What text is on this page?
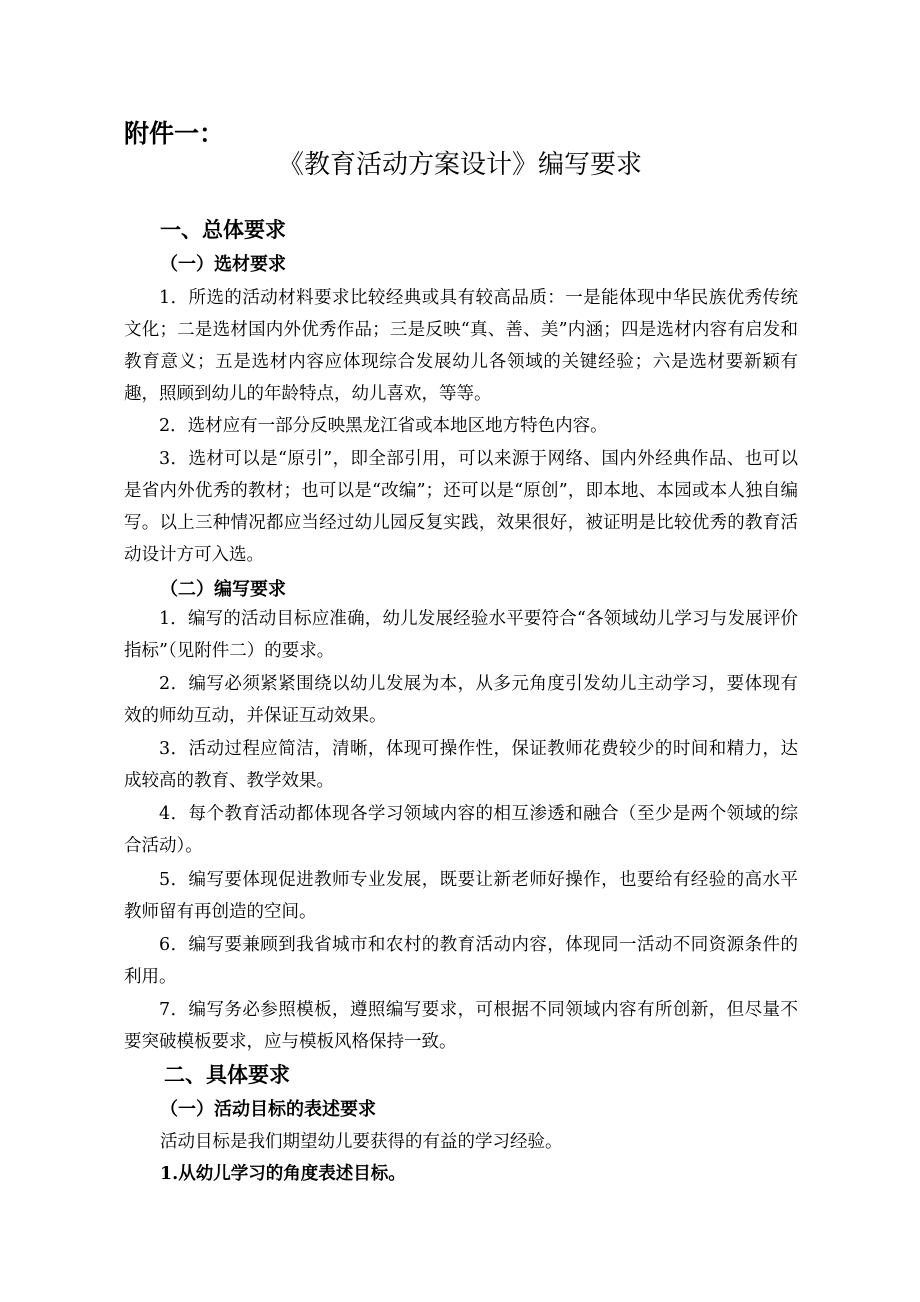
附件一：
《教育活动方案设计》编写要求
一、总体要求
（一）选材要求

1．所选的活动材料要求比较经典或具有较高品质：一是能体现中华民族优秀传统文化；二是选材国内外优秀作品；三是反映“真、善、美”内涵；四是选材内容有启发和教育意义；五是选材内容应体现综合发展幼儿各领域的关键经验；六是选材要新颖有趣，照顾到幼儿的年龄特点，幼儿喜欢，等等。

2．选材应有一部分反映黑龙江省或本地区地方特色内容。

3．选材可以是“原引”，即全部引用，可以来源于网络、国内外经典作品、也可以是省内外优秀的教材；也可以是“改编”；还可以是“原创”，即本地、本园或本人独自编写。以上三种情况都应当经过幼儿园反复实践，效果很好，被证明是比较优秀的教育活动设计方可入选。

（二）编写要求

1．编写的活动目标应准确，幼儿发展经验水平要符合“各领域幼儿学习与发展评价指标”（见附件二）的要求。

2．编写必须紧紧围绕以幼儿发展为本，从多元角度引发幼儿主动学习，要体现有效的师幼互动，并保证互动效果。

3．活动过程应简洁，清晰，体现可操作性，保证教师花费较少的时间和精力，达成较高的教育、教学效果。

4．每个教育活动都体现各学习领域内容的相互渗透和融合（至少是两个领域的综合活动）。

5．编写要体现促进教师专业发展，既要让新老师好操作，也要给有经验的高水平教师留有再创造的空间。

6．编写要兼顾到我省城市和农村的教育活动内容，体现同一活动不同资源条件的利用。

7．编写务必参照模板，遵照编写要求，可根据不同领域内容有所创新，但尽量不要突破模板要求，应与模板风格保持一致。

二、具体要求
（一）活动目标的表述要求
活动目标是我们期望幼儿要获得的有益的学习经验。
1.从幼儿学习的角度表述目标。
